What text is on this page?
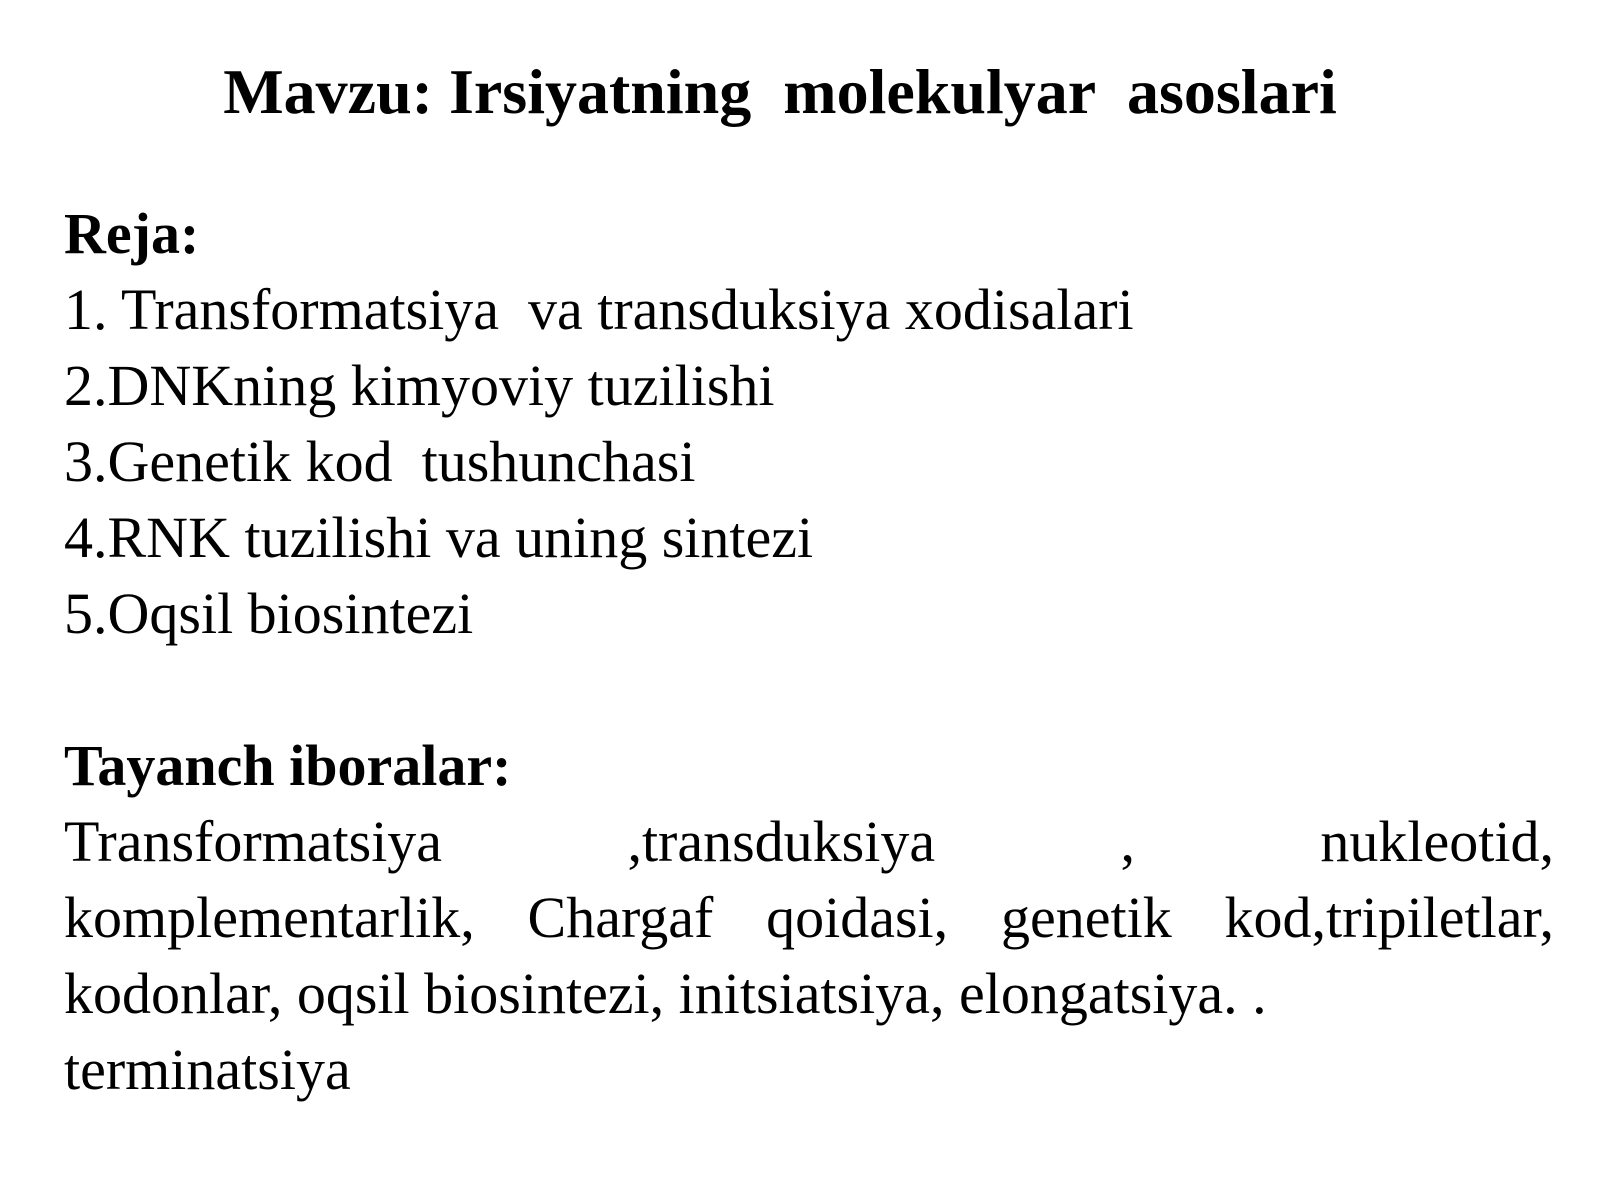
Mavzu: Irsiyatning  molekulyar  asoslari
Reja:
1. Transformatsiya  va transduksiya xodisalari
2.DNKning kimyoviy tuzilishi
3.Genetik kod  tushunchasi
4.RNK tuzilishi va uning sintezi
5.Oqsil biosintezi
Tayanch iboralar:
Transformatsiya ,transduksiya , nukleotid,
komplementarlik, Chargaf qoidasi, genetik kod,tripiletlar,
kodonlar, oqsil biosintezi, initsiatsiya, elongatsiya. .
terminatsiya
